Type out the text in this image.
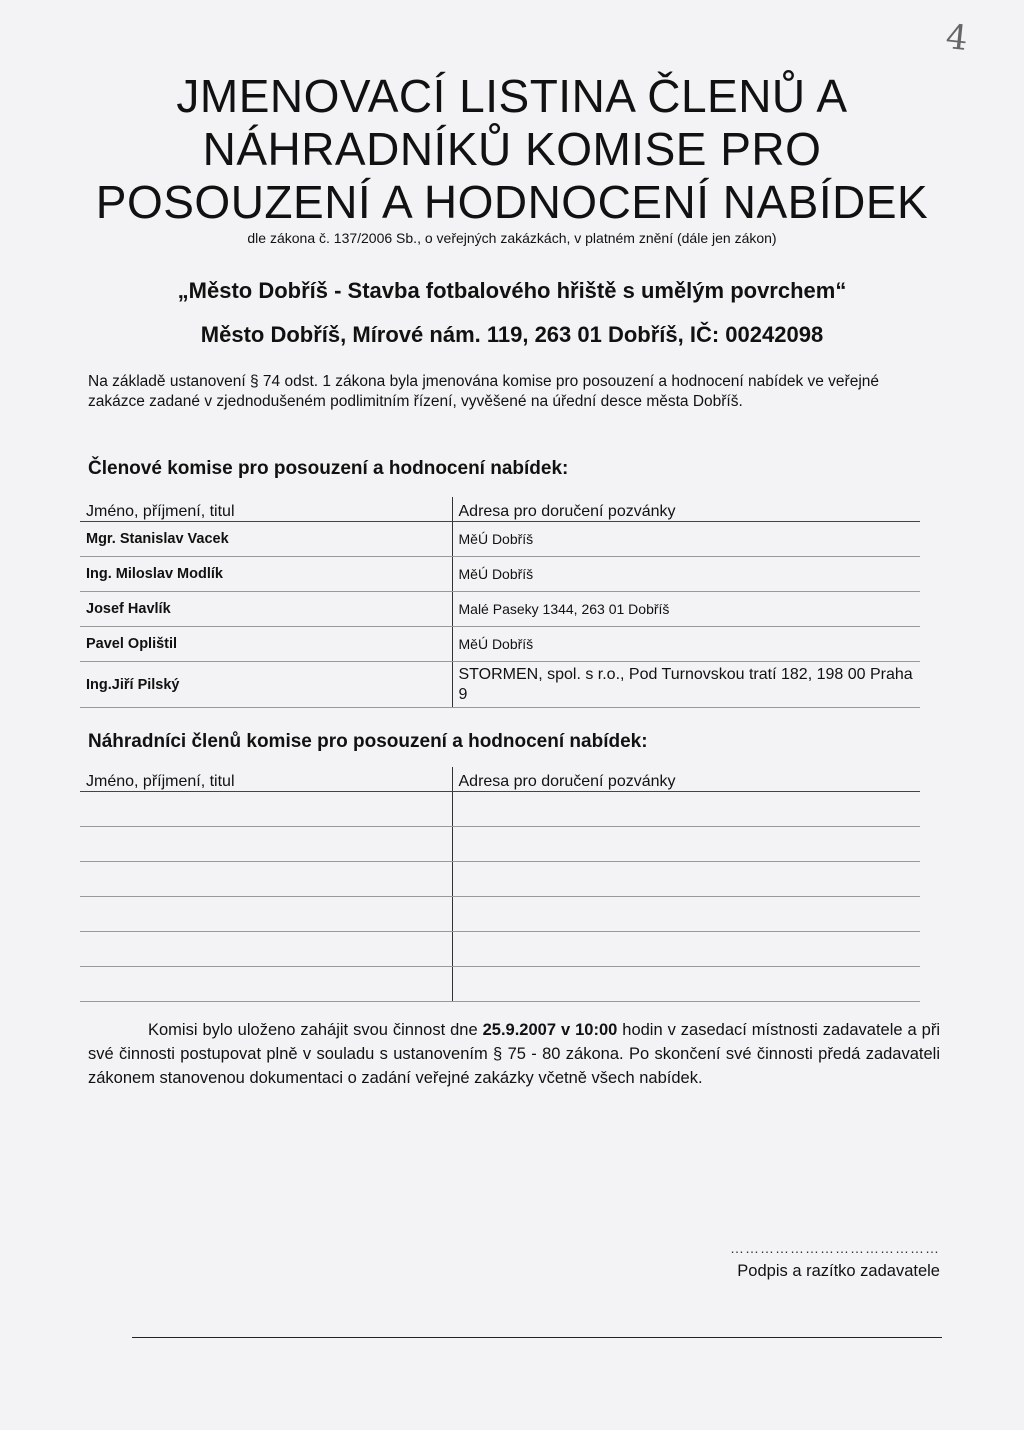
4
JMENOVACÍ LISTINA ČLENŮ A
NÁHRADNÍKŮ KOMISE PRO
POSOUZENÍ A HODNOCENÍ NABÍDEK
dle zákona č. 137/2006 Sb., o veřejných zakázkách, v platném znění (dále jen zákon)
„Město Dobříš - Stavba fotbalového hřiště s umělým povrchem“
Město Dobříš, Mírové nám. 119, 263 01 Dobříš, IČ: 00242098

Na základě ustanovení § 74 odst. 1 zákona byla jmenována komise pro posouzení a hodnocení nabídek ve veřejné zakázce zadané v zjednodušeném podlimitním řízení, vyvěšené na úřední desce města Dobříš.

Členové komise pro posouzení a hodnocení nabídek:
Jméno, příjmení, titul	Adresa pro doručení pozvánky
Mgr. Stanislav Vacek	MěÚ Dobříš
Ing. Miloslav Modlík	MěÚ Dobříš
Josef Havlík	Malé Paseky 1344, 263 01 Dobříš
Pavel Oplištil	MěÚ Dobříš
Ing.Jiří Pilský	STORMEN, spol. s r.o., Pod Turnovskou tratí 182, 198 00 Praha 9
Náhradníci členů komise pro posouzení a hodnocení nabídek:
Jméno, příjmení, titul	Adresa pro doručení pozvánky

Komisi bylo uloženo zahájit svou činnost dne 25.9.2007 v 10:00 hodin v zasedací místnosti zadavatele a při své činnosti postupovat plně v souladu s ustanovením § 75 - 80 zákona. Po skončení své činnosti předá zadavateli zákonem stanovenou dokumentaci o zadání veřejné zakázky včetně všech nabídek.

……………………………………
Podpis a razítko zadavatele
